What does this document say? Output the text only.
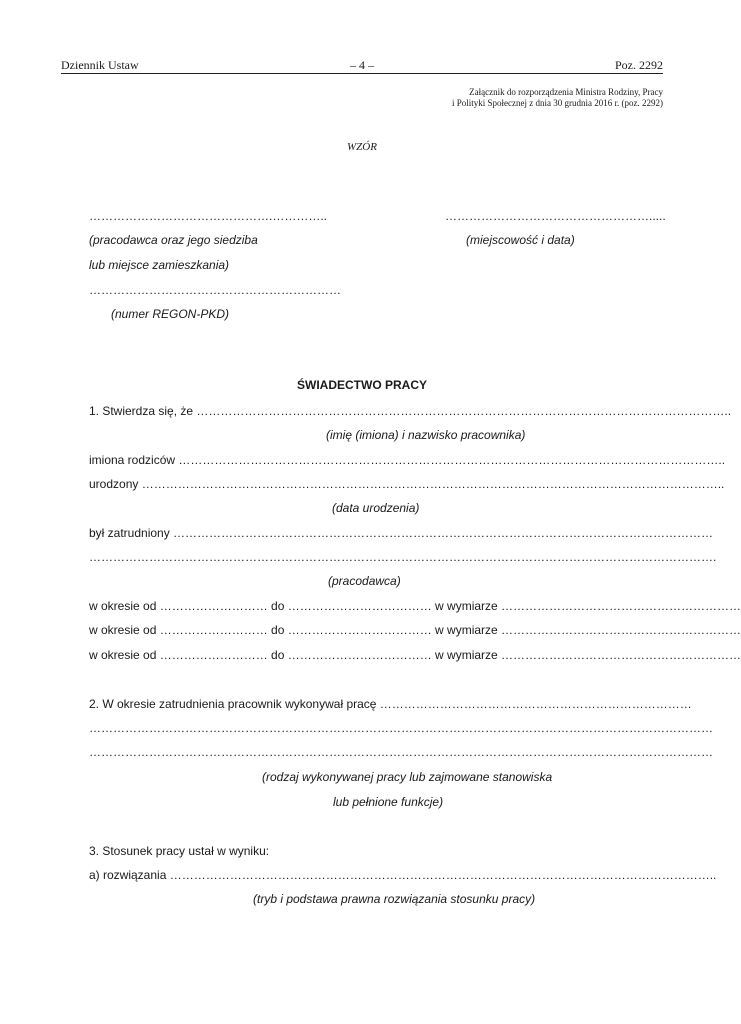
Dziennik Ustaw	– 4 –	Poz. 2292
Załącznik do rozporządzenia Ministra Rodziny, Pracy
i Polityki Społecznej z dnia 30 grudnia 2016 r. (poz. 2292)
WZÓR
……………………………………….…………..
(pracodawca oraz jego siedziba
lub miejsce zamieszkania)
…………………………………………….....
(miejscowość i data)
………………………………………………………
(numer REGON-PKD)
ŚWIADECTWO PRACY
1. Stwierdza się, że ……………………………………………………………………………………………………………………..
(imię (imiona) i nazwisko pracownika)
imiona rodziców ………………………………………………………………………………………………………………………..
urodzony ………………………………………………………………………………………………………………………………..
(data urodzenia)
był zatrudniony ………………………………………………………………………………………………………………………
………………………………………………………………………………………………………………………………………….
(pracodawca)
w okresie od ……………………… do ……………………………… w wymiarze ……………………………………………………
w okresie od ……………………… do ……………………………… w wymiarze ……………………………………………………
w okresie od ……………………… do ……………………………… w wymiarze ……………………………………………………
2. W okresie zatrudnienia pracownik wykonywał pracę ……………………………………………………………………
…………………………………………………………………………………………………………………………………………
…………………………………………………………………………………………………………………………………………
(rodzaj wykonywanej pracy lub zajmowane stanowiska
lub pełnione funkcje)
3. Stosunek pracy ustał w wyniku:
a) rozwiązania ………………………………………………………………………………………………………………………..
(tryb i podstawa prawna rozwiązania stosunku pracy)
